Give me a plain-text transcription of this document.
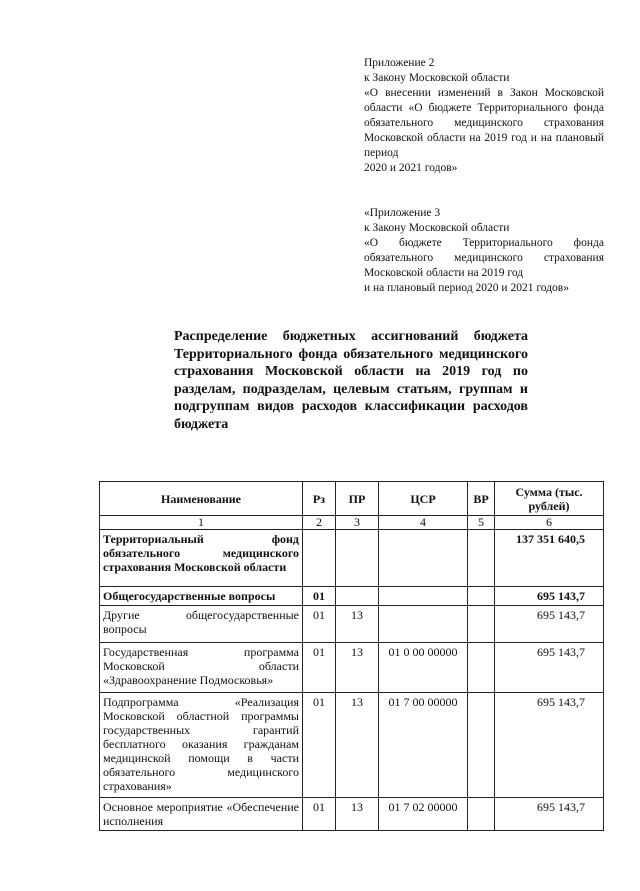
Приложение 2

к Закону Московской области

«О внесении изменений в Закон Московской области «О бюджете Территориального фонда обязательного медицинского страхования Московской области на 2019 год и на плановый период

2020 и 2021 годов»

«Приложение 3

к Закону Московской области

«О бюджете Территориального фонда обязательного медицинского страхования Московской области на 2019 год

и на плановый период 2020 и 2021 годов»

Распределение бюджетных ассигнований бюджета Территориального фонда обязательного медицинского страхования Московской области на 2019 год по разделам, подразделам, целевым статьям, группам и подгруппам видов расходов классификации расходов бюджета
Наименование	Рз	ПР	ЦСР	ВР	Сумма (тыс. рублей)
1	2	3	4	5	6
Территориальный фонд обязательного медицинского страхования Московской области					137 351 640,5
Общегосударственные вопросы	01				695 143,7
Другие общегосударственные вопросы	01	13			695 143,7
Государственная программа Московской области «Здравоохранение Подмосковья»	01	13	01 0 00 00000		695 143,7
Подпрограмма «Реализация Московской областной программы государственных гарантий бесплатного оказания гражданам медицинской помощи в части обязательного медицинского страхования»	01	13	01 7 00 00000		695 143,7
Основное мероприятие «Обеспечение исполнения	01	13	01 7 02 00000		695 143,7
